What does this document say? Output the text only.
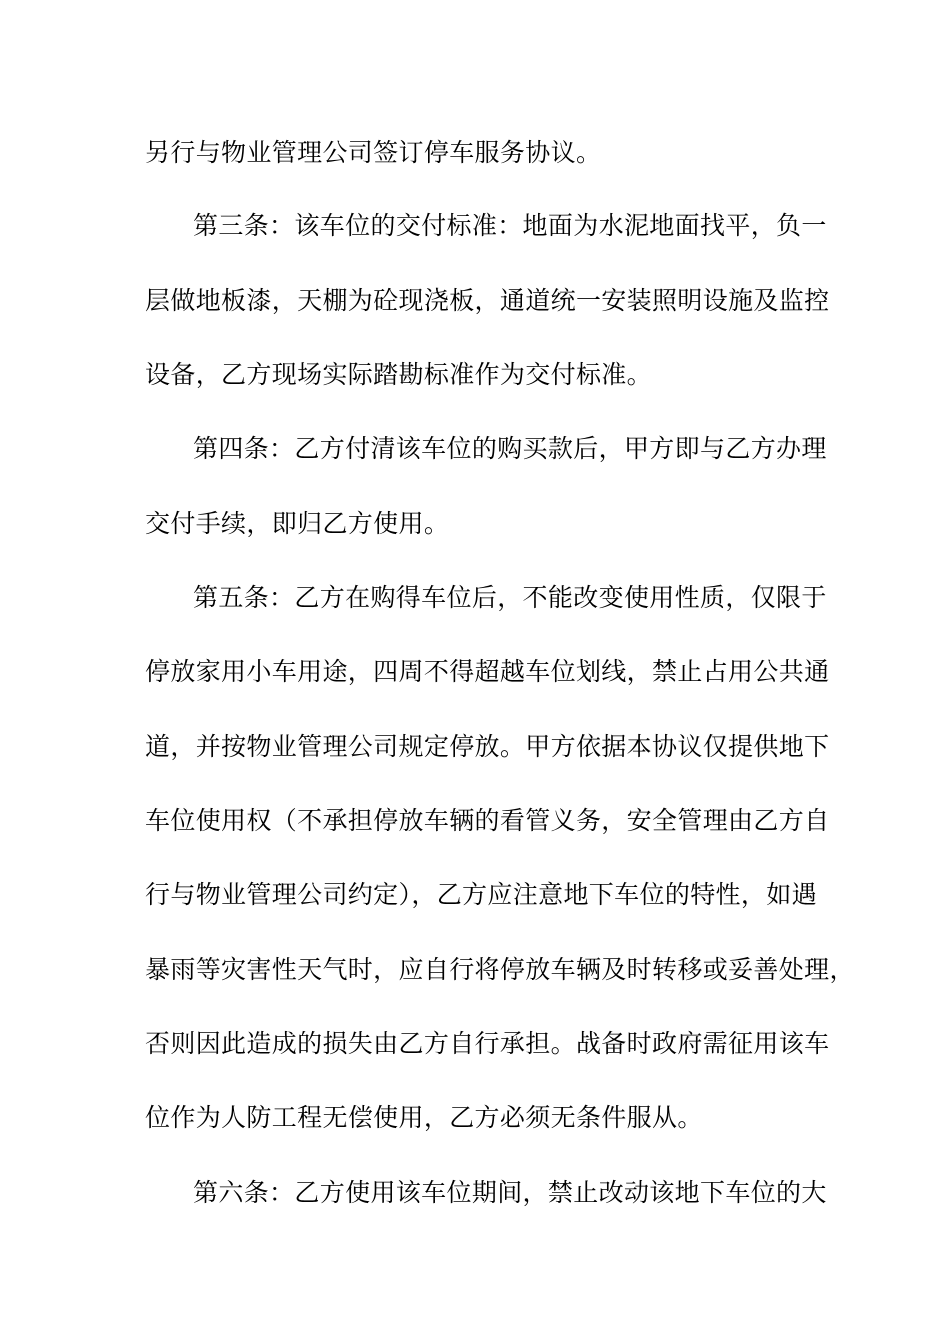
另行与物业管理公司签订停车服务协议。
第三条：该车位的交付标准：地面为水泥地面找平，负一
层做地板漆，天棚为砼现浇板，通道统一安装照明设施及监控
设备，乙方现场实际踏勘标准作为交付标准。
第四条：乙方付清该车位的购买款后，甲方即与乙方办理
交付手续，即归乙方使用。
第五条：乙方在购得车位后，不能改变使用性质，仅限于
停放家用小车用途，四周不得超越车位划线，禁止占用公共通
道，并按物业管理公司规定停放。甲方依据本协议仅提供地下
车位使用权（不承担停放车辆的看管义务，安全管理由乙方自
行与物业管理公司约定），乙方应注意地下车位的特性，如遇
暴雨等灾害性天气时，应自行将停放车辆及时转移或妥善处理，
否则因此造成的损失由乙方自行承担。战备时政府需征用该车
位作为人防工程无偿使用，乙方必须无条件服从。
第六条：乙方使用该车位期间，禁止改动该地下车位的大
